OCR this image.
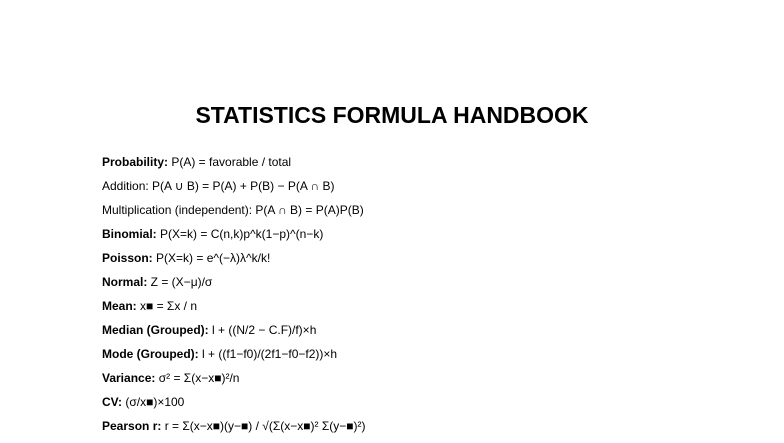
STATISTICS FORMULA HANDBOOK
Probability: P(A) = favorable / total
Addition: P(A ∪ B) = P(A) + P(B) − P(A ∩ B)
Multiplication (independent): P(A ∩ B) = P(A)P(B)
Binomial: P(X=k) = C(n,k)p^k(1−p)^(n−k)
Poisson: P(X=k) = e^(−λ)λ^k/k!
Normal: Z = (X−μ)/σ
Mean: x■ = Σx / n
Median (Grouped): l + ((N/2 − C.F)/f)×h
Mode (Grouped): l + ((f1−f0)/(2f1−f0−f2))×h
Variance: σ² = Σ(x−x■)²/n
CV: (σ/x■)×100
Pearson r: r = Σ(x−x■)(y−■) / √(Σ(x−x■)² Σ(y−■)²)
